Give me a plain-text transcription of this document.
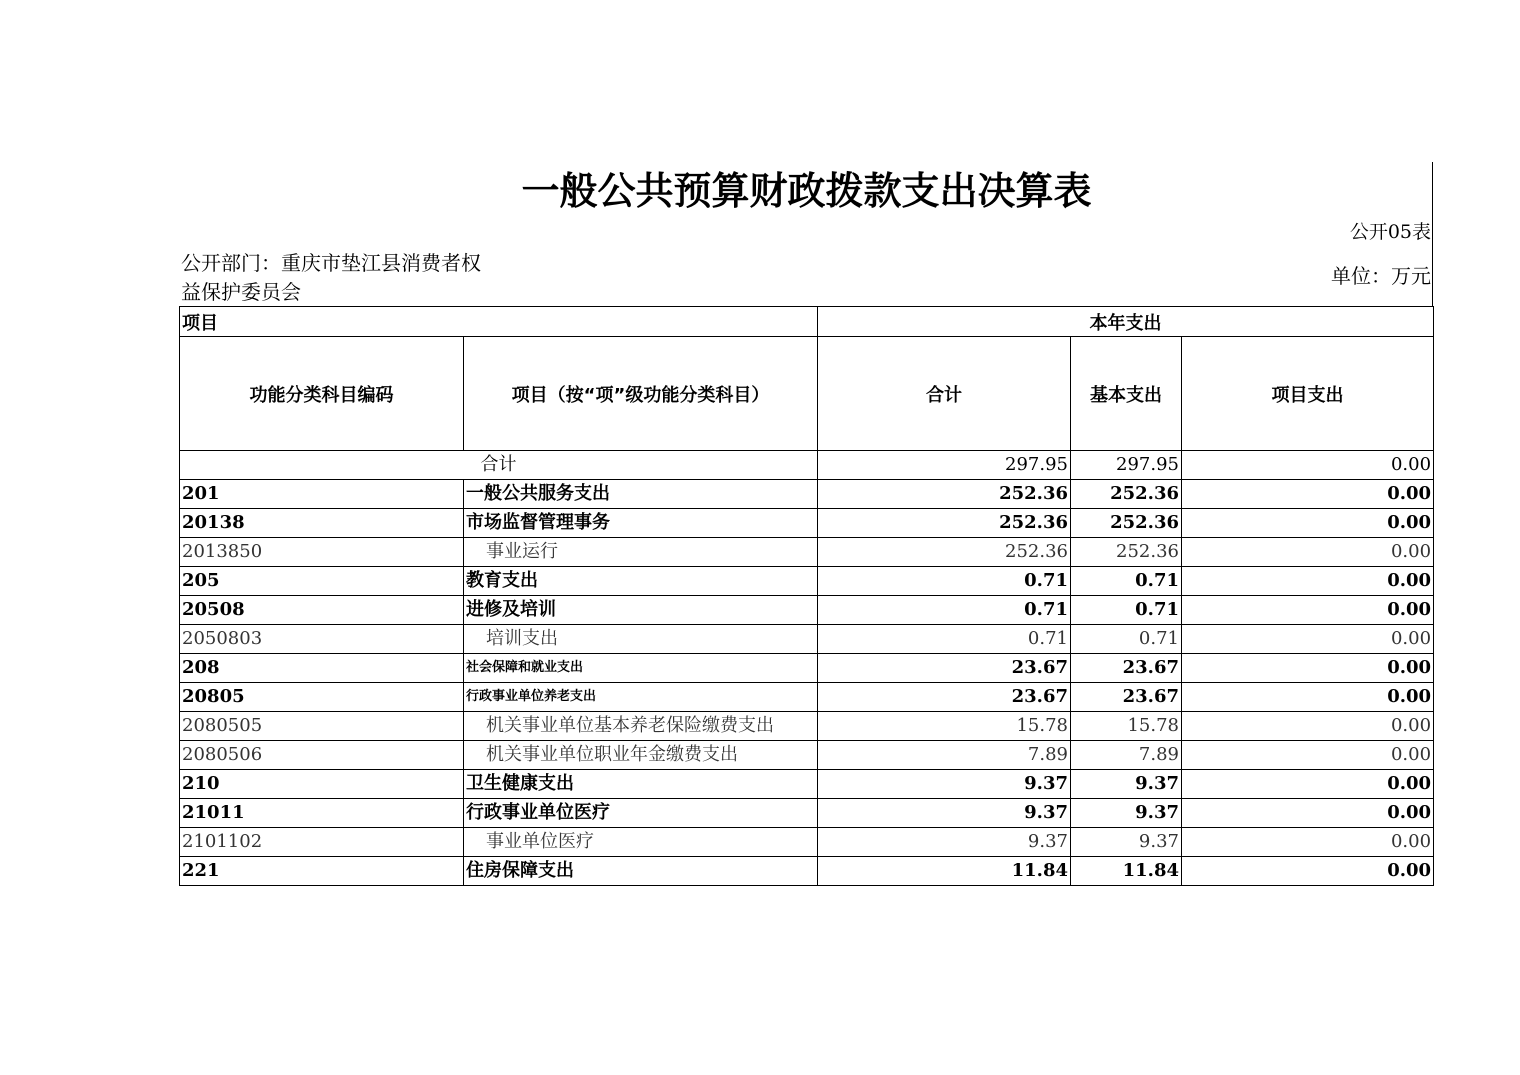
一般公共预算财政拨款支出决算表
公开05表
公开部门：重庆市垫江县消费者权益保护委员会
单位：万元
项目		本年支出		
功能分类科目编码	项目（按“项”级功能分类科目）	合计	基本支出	项目支出
合计		297.95	297.95	0.00
201	一般公共服务支出	252.36	252.36	0.00
20138	市场监督管理事务	252.36	252.36	0.00
2013850	事业运行	252.36	252.36	0.00
205	教育支出	0.71	0.71	0.00
20508	进修及培训	0.71	0.71	0.00
2050803	培训支出	0.71	0.71	0.00
208	社会保障和就业支出	23.67	23.67	0.00
20805	行政事业单位养老支出	23.67	23.67	0.00
2080505	机关事业单位基本养老保险缴费支出	15.78	15.78	0.00
2080506	机关事业单位职业年金缴费支出	7.89	7.89	0.00
210	卫生健康支出	9.37	9.37	0.00
21011	行政事业单位医疗	9.37	9.37	0.00
2101102	事业单位医疗	9.37	9.37	0.00
221	住房保障支出	11.84	11.84	0.00
